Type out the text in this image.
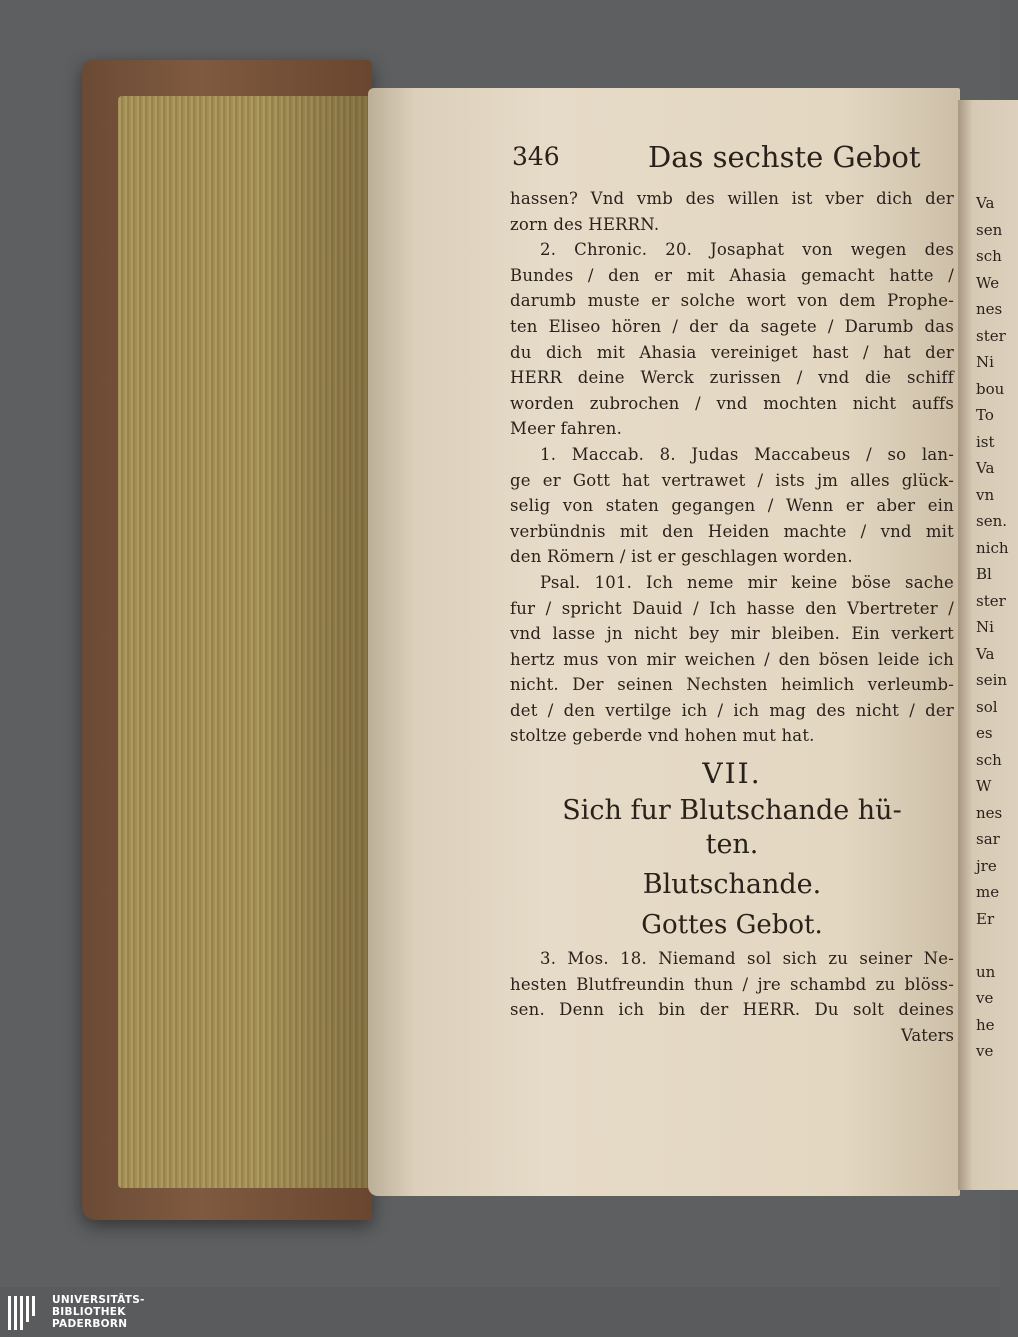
346	Das sechste Gebot
hassen? Vnd vmb des willen ist vber dich der
zorn des HERRN.
2. Chronic. 20. Josaphat von wegen des
Bundes / den er mit Ahasia gemacht hatte /
darumb muste er solche wort von dem Prophe-
ten Eliseo hören / der da sagete / Darumb das
du dich mit Ahasia vereiniget hast / hat der
HERR deine Werck zurissen / vnd die schiff
worden zubrochen / vnd mochten nicht auffs
Meer fahren.
1. Maccab. 8. Judas Maccabeus / so lan-
ge er Gott hat vertrawet / ists jm alles glück-
selig von staten gegangen / Wenn er aber ein
verbündnis mit den Heiden machte / vnd mit
den Römern / ist er geschlagen worden.
Psal. 101. Ich neme mir keine böse sache
fur / spricht Dauid / Ich hasse den Vbertreter /
vnd lasse jn nicht bey mir bleiben. Ein verkert
hertz mus von mir weichen / den bösen leide ich
nicht. Der seinen Nechsten heimlich verleumb-
det / den vertilge ich / ich mag des nicht / der
stoltze geberde vnd hohen mut hat.
VII.
Sich fur Blutschande hü-
ten.
Blutschande.
Gottes Gebot.
3. Mos. 18. Niemand sol sich zu seiner Ne-
hesten Blutfreundin thun / jre schambd zu blöss-
sen. Denn ich bin der HERR. Du solt deines
Vaters
Va
sen
sch
We
nes
ster
Ni
bou
To
ist
Va
vn
sen.
nich
Bl
ster
Ni
Va
sein
sol
es
sch
W
nes
sar
jre
me
Er

un
ve
he
ve
UNIVERSITÄTS-
BIBLIOTHEK
PADERBORN
